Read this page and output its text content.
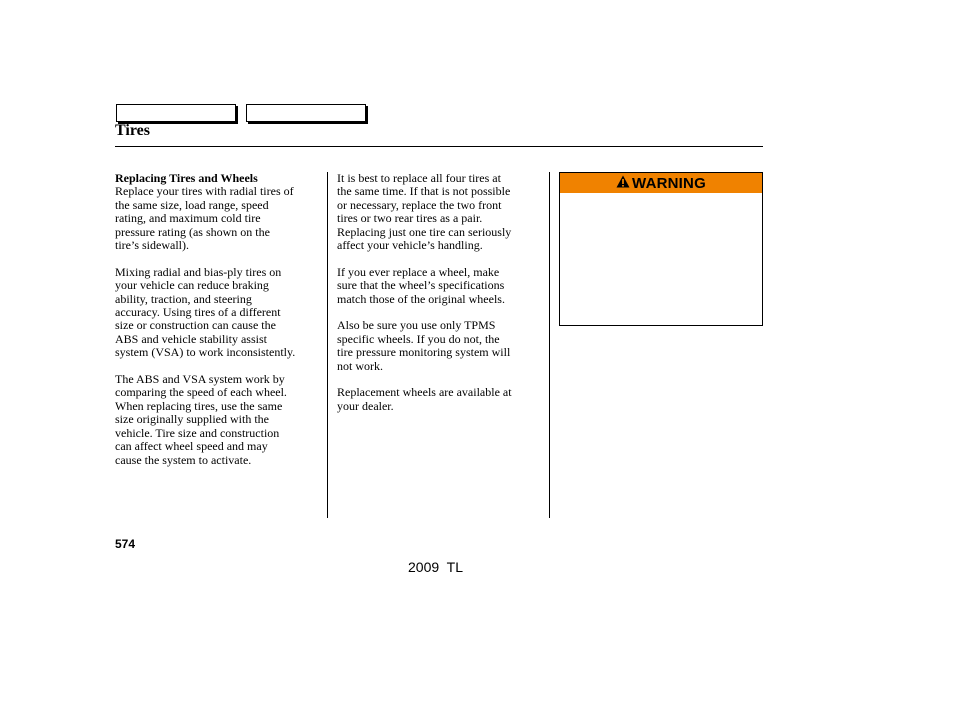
Tires

Replacing Tires and Wheels
Replace your tires with radial tires of
the same size, load range, speed
rating, and maximum cold tire
pressure rating (as shown on the
tire’s sidewall).

Mixing radial and bias-ply tires on
your vehicle can reduce braking
ability, traction, and steering
accuracy. Using tires of a different
size or construction can cause the
ABS and vehicle stability assist
system (VSA) to work inconsistently.

The ABS and VSA system work by
comparing the speed of each wheel.
When replacing tires, use the same
size originally supplied with the
vehicle. Tire size and construction
can affect wheel speed and may
cause the system to activate.

It is best to replace all four tires at
the same time. If that is not possible
or necessary, replace the two front
tires or two rear tires as a pair.
Replacing just one tire can seriously
affect your vehicle’s handling.

If you ever replace a wheel, make
sure that the wheel’s specifications
match those of the original wheels.

Also be sure you use only TPMS
specific wheels. If you do not, the
tire pressure monitoring system will
not work.

Replacement wheels are available at
your dealer.

WARNING
574
2009  TL
